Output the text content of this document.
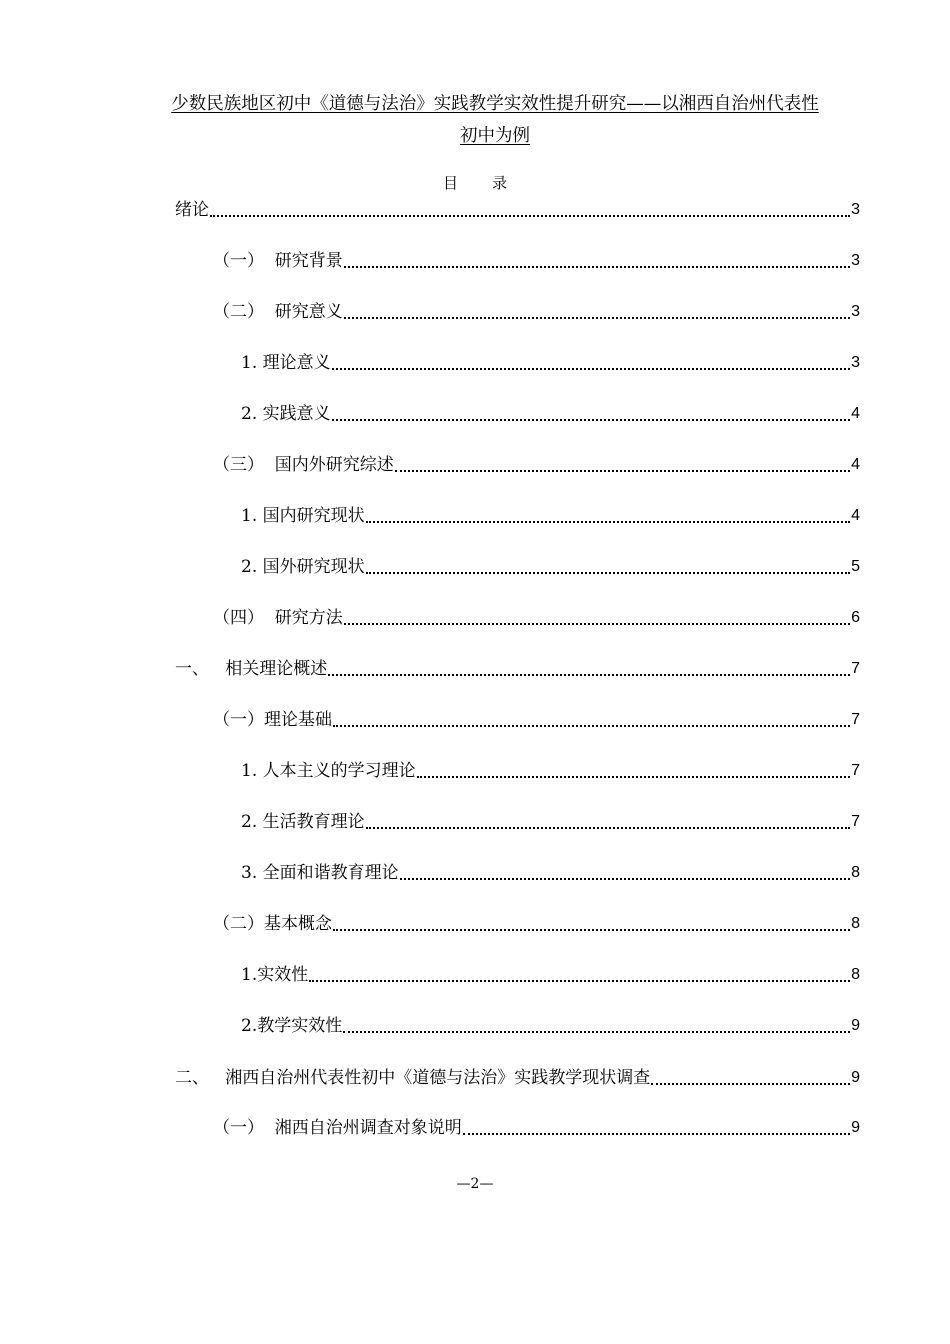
少数民族地区初中《道德与法治》实践教学实效性提升研究——以湘西自治州代表性
初中为例
目 录
绪论	3
（一）  研究背景	3
（二）  研究意义	3
1. 理论意义	3
2. 实践意义	4
（三）  国内外研究综述	4
1. 国内研究现状	4
2. 国外研究现状	5
（四）  研究方法	6
一、   相关理论概述	7
（一）理论基础	7
1. 人本主义的学习理论	7
2. 生活教育理论	7
3. 全面和谐教育理论	8
（二）基本概念	8
1.实效性	8
2.教学实效性	9
二、   湘西自治州代表性初中《道德与法治》实践教学现状调查	9
（一）  湘西自治州调查对象说明	9
—2—
